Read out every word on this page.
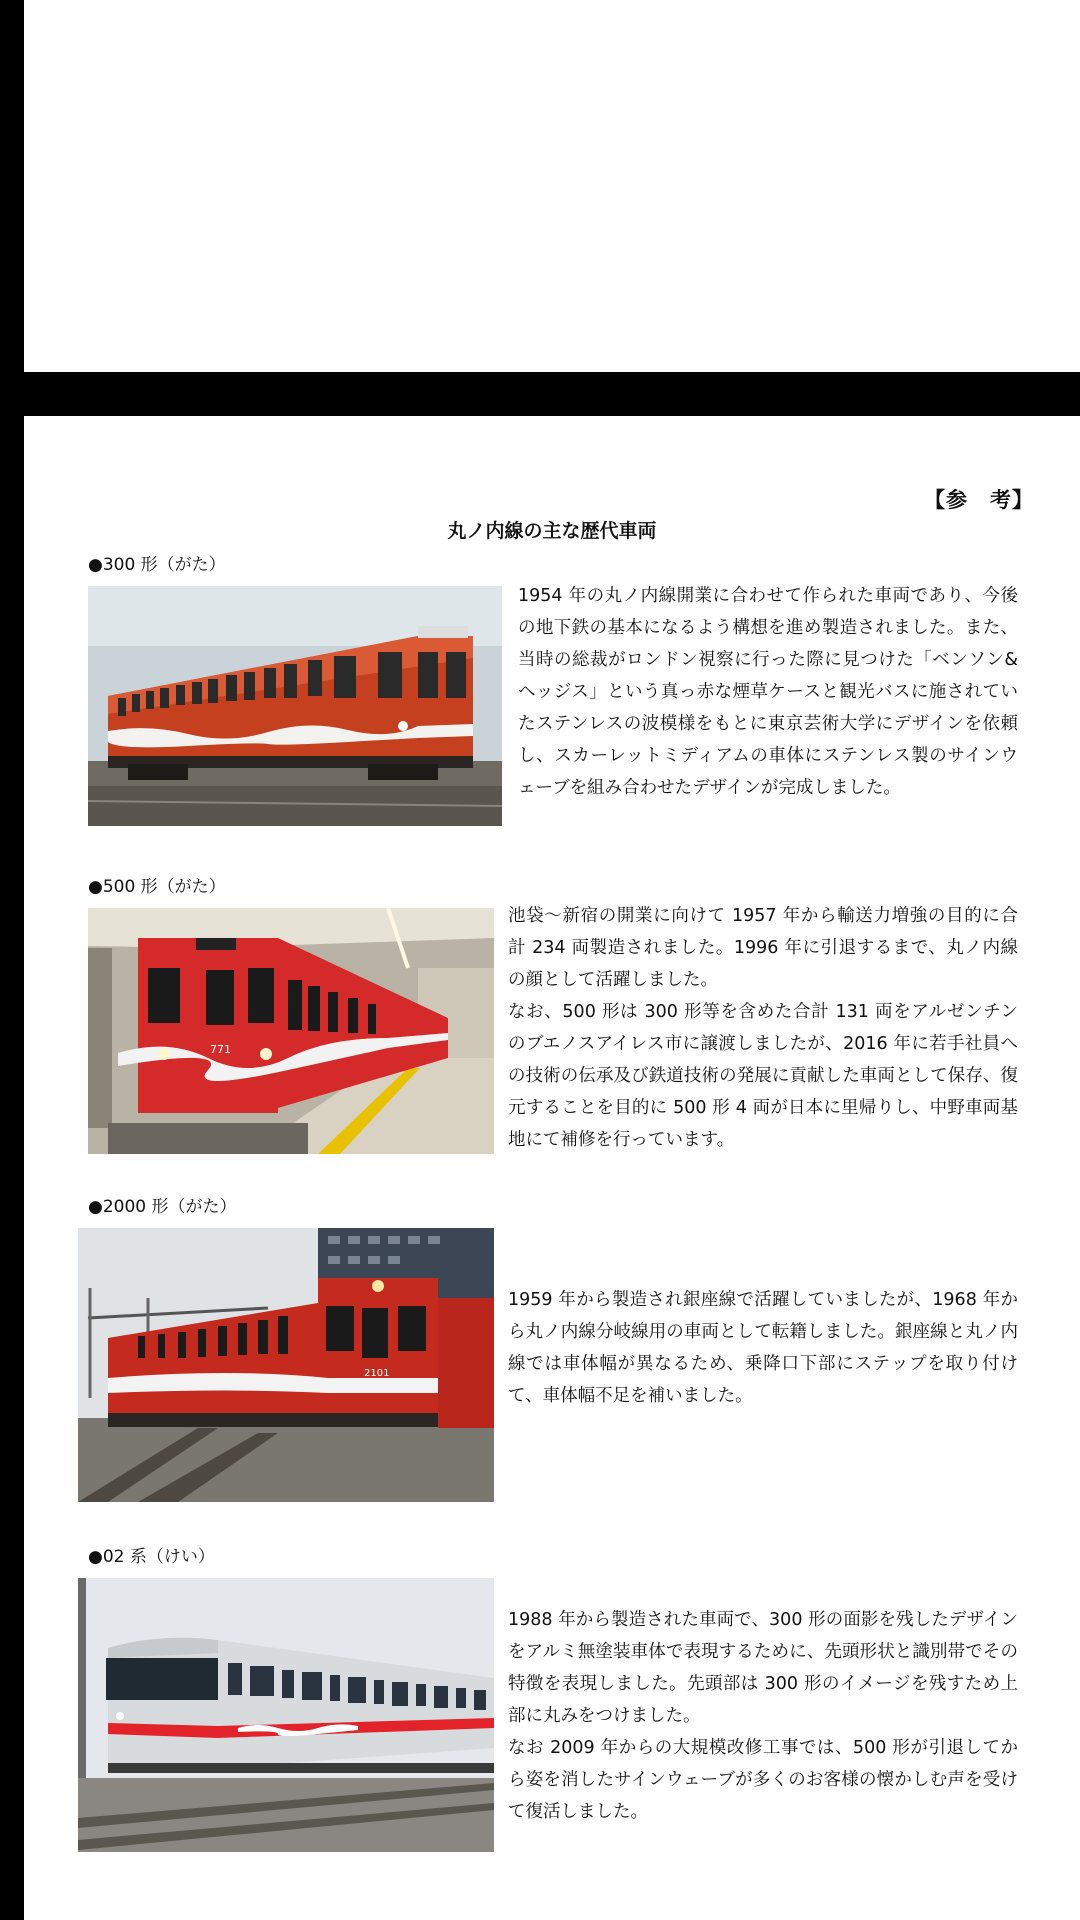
【参　考】
丸ノ内線の主な歴代車両
●300 形（がた）

1954 年の丸ノ内線開業に合わせて作られた車両であり、今後の地下鉄の基本になるよう構想を進め製造されました。また、当時の総裁がロンドン視察に行った際に見つけた「ベンソン&ヘッジス」という真っ赤な煙草ケースと観光バスに施されていたステンレスの波模様をもとに東京芸術大学にデザインを依頼し、スカーレットミディアムの車体にステンレス製のサインウェーブを組み合わせたデザインが完成しました。

●500 形（がた）
771

池袋～新宿の開業に向けて 1957 年から輸送力増強の目的に合計 234 両製造されました。1996 年に引退するまで、丸ノ内線の顔として活躍しました。

なお、500 形は 300 形等を含めた合計 131 両をアルゼンチンのブエノスアイレス市に譲渡しましたが、2016 年に若手社員への技術の伝承及び鉄道技術の発展に貢献した車両として保存、復元することを目的に 500 形 4 両が日本に里帰りし、中野車両基地にて補修を行っています。

●2000 形（がた）
2101

1959 年から製造され銀座線で活躍していましたが、1968 年から丸ノ内線分岐線用の車両として転籍しました。銀座線と丸ノ内線では車体幅が異なるため、乗降口下部にステップを取り付けて、車体幅不足を補いました。

●02 系（けい）

1988 年から製造された車両で、300 形の面影を残したデザインをアルミ無塗装車体で表現するために、先頭形状と識別帯でその特徴を表現しました。先頭部は 300 形のイメージを残すため上部に丸みをつけました。

なお 2009 年からの大規模改修工事では、500 形が引退してから姿を消したサインウェーブが多くのお客様の懐かしむ声を受けて復活しました。
